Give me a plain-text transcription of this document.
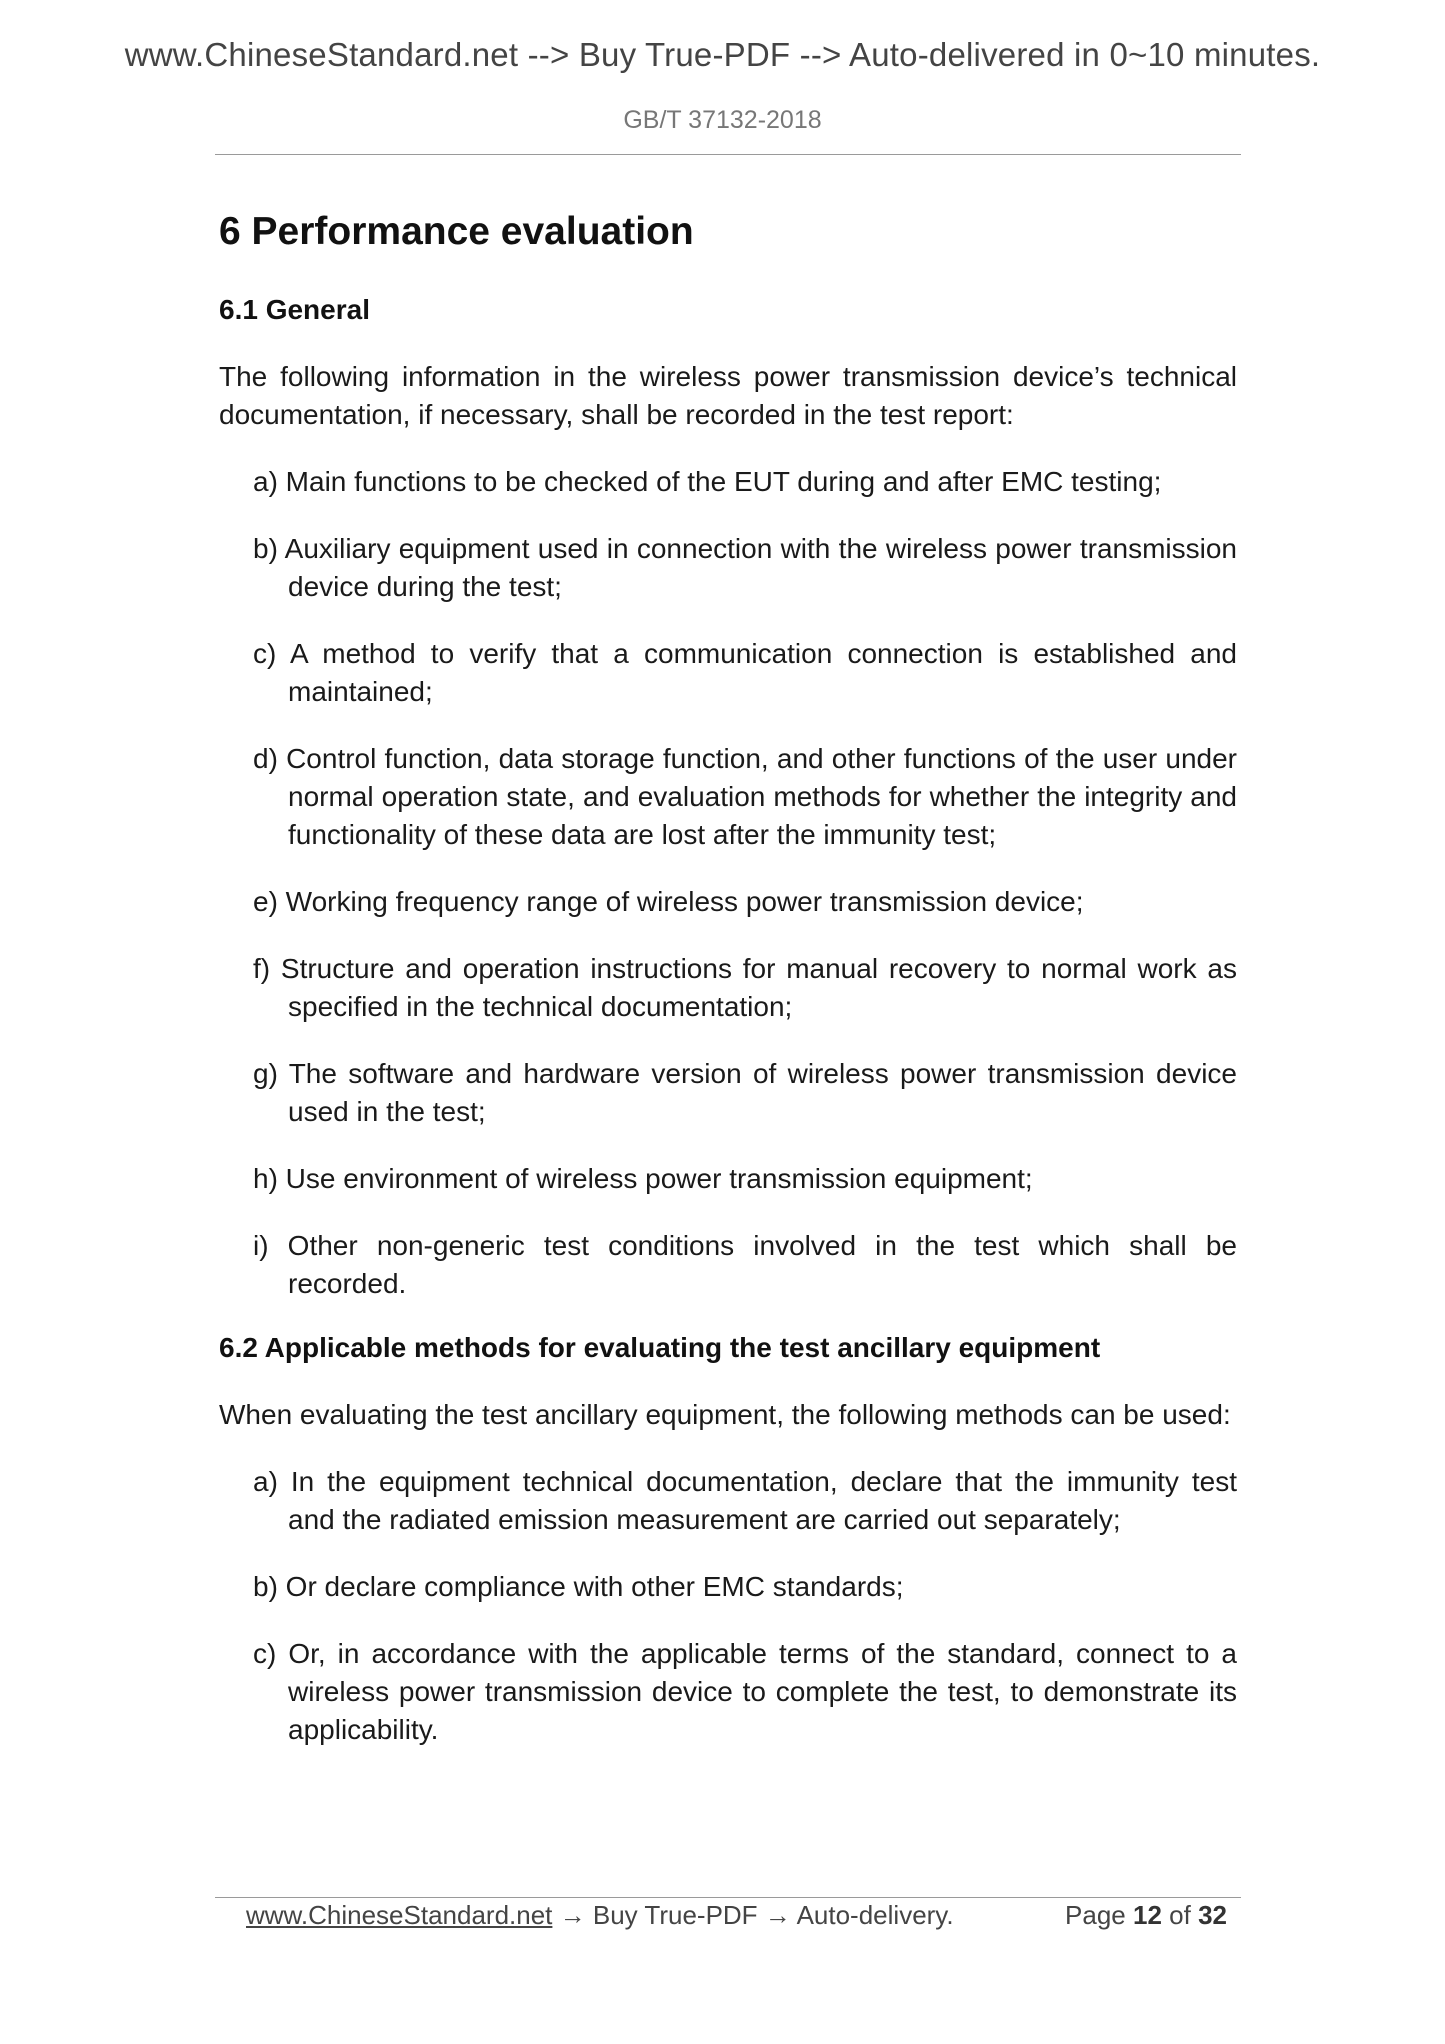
www.ChineseStandard.net --> Buy True-PDF --> Auto-delivered in 0~10 minutes.
GB/T 37132-2018
6 Performance evaluation
6.1 General

The following information in the wireless power transmission device’s technical documentation, if necessary, shall be recorded in the test report:

a) Main functions to be checked of the EUT during and after EMC testing;
b) Auxiliary equipment used in connection with the wireless power transmission device during the test;
c) A method to verify that a communication connection is established and maintained;
d) Control function, data storage function, and other functions of the user under normal operation state, and evaluation methods for whether the integrity and functionality of these data are lost after the immunity test;
e) Working frequency range of wireless power transmission device;
f) Structure and operation instructions for manual recovery to normal work as specified in the technical documentation;
g) The software and hardware version of wireless power transmission device used in the test;
h) Use environment of wireless power transmission equipment;
i) Other non-generic test conditions involved in the test which shall be recorded.
6.2 Applicable methods for evaluating the test ancillary equipment

When evaluating the test ancillary equipment, the following methods can be used:

a) In the equipment technical documentation, declare that the immunity test and the radiated emission measurement are carried out separately;
b) Or declare compliance with other EMC standards;
c) Or, in accordance with the applicable terms of the standard, connect to a wireless power transmission device to complete the test, to demonstrate its applicability.
www.ChineseStandard.net → Buy True-PDF → Auto-delivery.	Page 12 of 32
